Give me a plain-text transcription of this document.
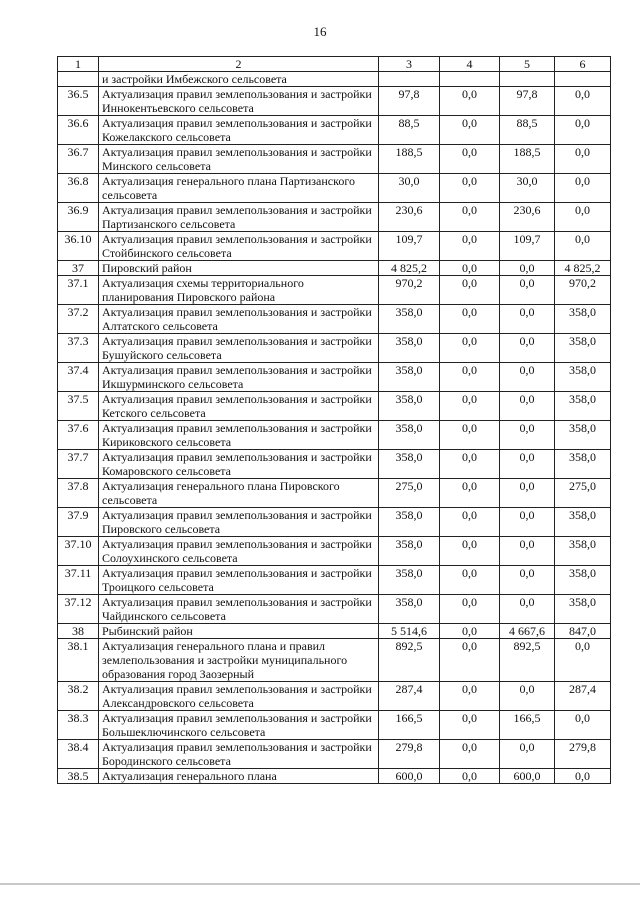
16
1	2	3	4	5	6
	и застройки Имбежского сельсовета				
36.5	Актуализация правил землепользования и застройки Иннокентьевского сельсовета	97,8	0,0	97,8	0,0
36.6	Актуализация правил землепользования и застройки Кожелакского сельсовета	88,5	0,0	88,5	0,0
36.7	Актуализация правил землепользования и застройки Минского сельсовета	188,5	0,0	188,5	0,0
36.8	Актуализация генерального плана Партизанского сельсовета	30,0	0,0	30,0	0,0
36.9	Актуализация правил землепользования и застройки Партизанского сельсовета	230,6	0,0	230,6	0,0
36.10	Актуализация правил землепользования и застройки Стойбинского сельсовета	109,7	0,0	109,7	0,0
37	Пировский район	4 825,2	0,0	0,0	4 825,2
37.1	Актуализация схемы территориального планирования Пировского района	970,2	0,0	0,0	970,2
37.2	Актуализация правил землепользования и застройки Алтатского сельсовета	358,0	0,0	0,0	358,0
37.3	Актуализация правил землепользования и застройки Бушуйского сельсовета	358,0	0,0	0,0	358,0
37.4	Актуализация правил землепользования и застройки Икшурминского сельсовета	358,0	0,0	0,0	358,0
37.5	Актуализация правил землепользования и застройки Кетского сельсовета	358,0	0,0	0,0	358,0
37.6	Актуализация правил землепользования и застройки Кириковского сельсовета	358,0	0,0	0,0	358,0
37.7	Актуализация правил землепользования и застройки Комаровского сельсовета	358,0	0,0	0,0	358,0
37.8	Актуализация генерального плана Пировского сельсовета	275,0	0,0	0,0	275,0
37.9	Актуализация правил землепользования и застройки Пировского сельсовета	358,0	0,0	0,0	358,0
37.10	Актуализация правил землепользования и застройки Солоухинского сельсовета	358,0	0,0	0,0	358,0
37.11	Актуализация правил землепользования и застройки Троицкого сельсовета	358,0	0,0	0,0	358,0
37.12	Актуализация правил землепользования и застройки Чайдинского сельсовета	358,0	0,0	0,0	358,0
38	Рыбинский район	5 514,6	0,0	4 667,6	847,0
38.1	Актуализация генерального плана и правил землепользования и застройки муниципального образования город Заозерный	892,5	0,0	892,5	0,0
38.2	Актуализация правил землепользования и застройки Александровского сельсовета	287,4	0,0	0,0	287,4
38.3	Актуализация правил землепользования и застройки Большеключинского сельсовета	166,5	0,0	166,5	0,0
38.4	Актуализация правил землепользования и застройки Бородинского сельсовета	279,8	0,0	0,0	279,8
38.5	Актуализация генерального плана	600,0	0,0	600,0	0,0
